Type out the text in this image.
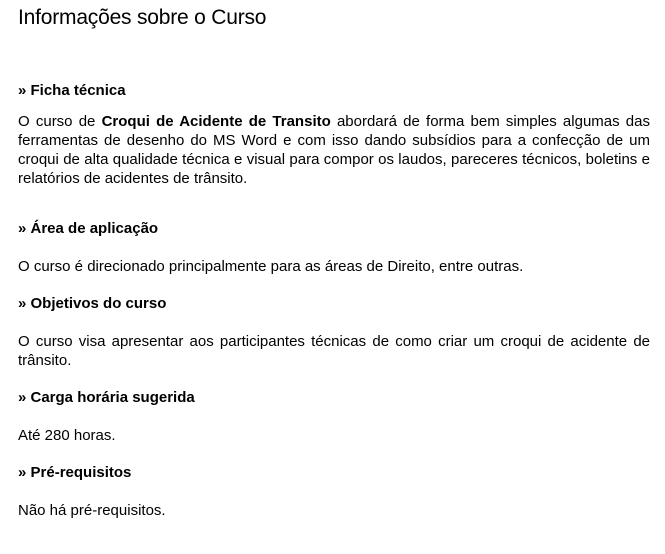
Informações sobre o Curso
» Ficha técnica

O curso de Croqui de Acidente de Transito abordará de forma bem simples algumas das ferramentas de desenho do MS Word e com isso dando subsídios para a confecção de um croqui de alta qualidade técnica e visual para compor os laudos, pareceres técnicos, boletins e relatórios de acidentes de trânsito.

» Área de aplicação

O curso é direcionado principalmente para as áreas de Direito, entre outras.

» Objetivos do curso

O curso visa apresentar aos participantes técnicas de como criar um croqui de acidente de trânsito.

» Carga horária sugerida

Até 280 horas.

» Pré-requisitos

Não há pré-requisitos.
